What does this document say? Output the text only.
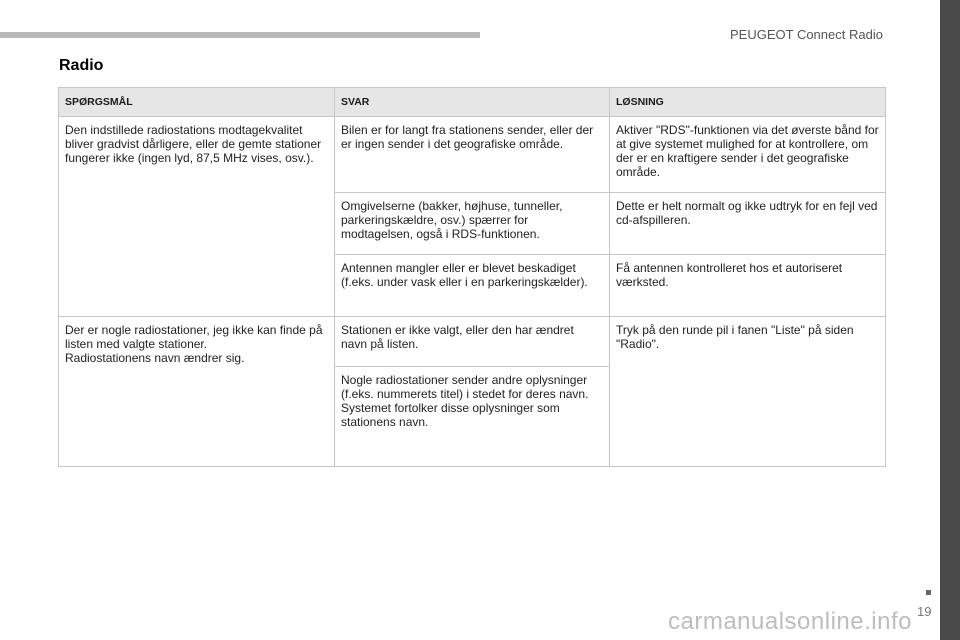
PEUGEOT Connect Radio
Radio
SPØRGSMÅL	SVAR	LØSNING
Den indstillede radiostations modtagekvalitet bliver gradvist dårligere, eller de gemte stationer fungerer ikke (ingen lyd, 87,5 MHz vises, osv.).	Bilen er for langt fra stationens sender, eller der er ingen sender i det geografiske område.	Aktiver "RDS"-funktionen via det øverste bånd for at give systemet mulighed for at kontrollere, om der er en kraftigere sender i det geografiske område.
	Omgivelserne (bakker, højhuse, tunneller, parkeringskældre, osv.) spærrer for modtagelsen, også i RDS-funktionen.	Dette er helt normalt og ikke udtryk for en fejl ved cd-afspilleren.
	Antennen mangler eller er blevet beskadiget (f.eks. under vask eller i en parkeringskælder).	Få antennen kontrolleret hos et autoriseret værksted.
Der er nogle radiostationer, jeg ikke kan finde på listen med valgte stationer.
Radiostationens navn ændrer sig.	Stationen er ikke valgt, eller den har ændret navn på listen.	Tryk på den runde pil i fanen "Liste" på siden "Radio".
	Nogle radiostationer sender andre oplysninger (f.eks. nummerets titel) i stedet for deres navn. Systemet fortolker disse oplysninger som stationens navn.	
19
carmanualsonline.info
